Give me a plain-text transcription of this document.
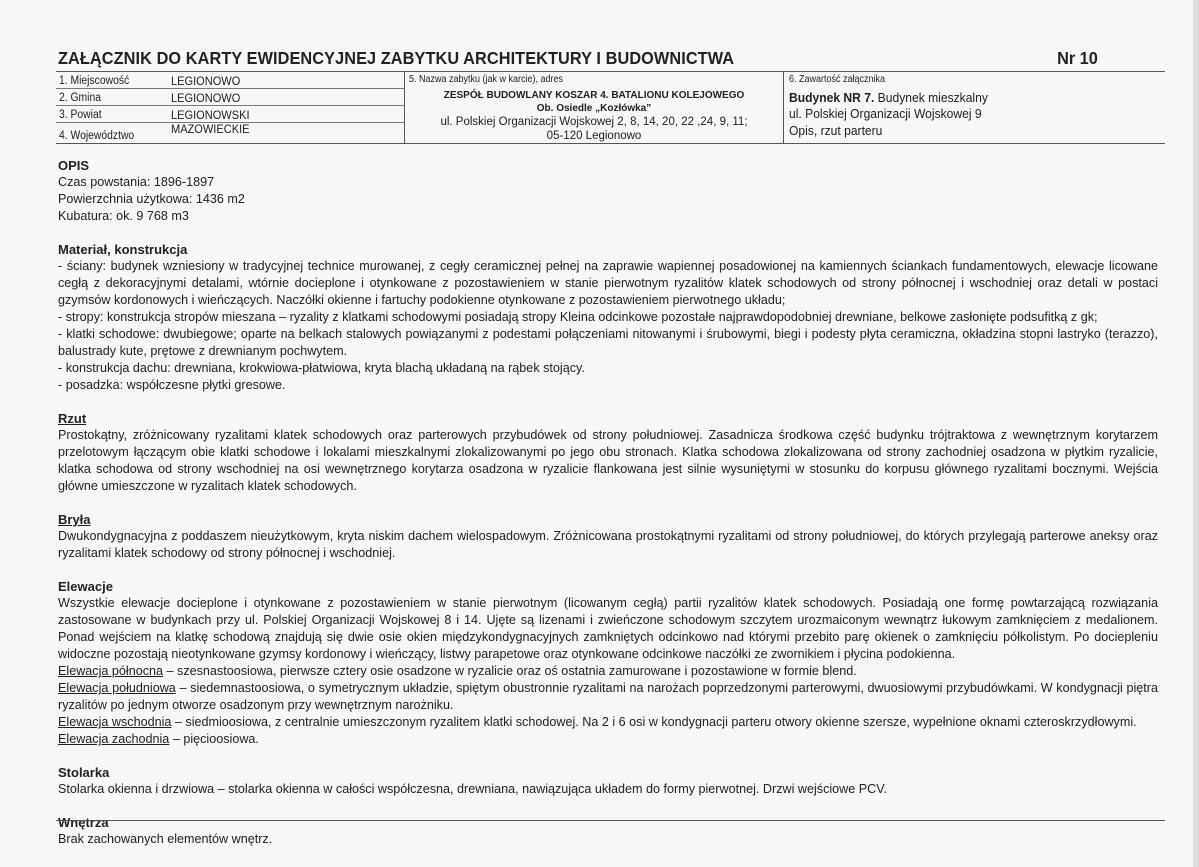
ZAŁĄCZNIK DO KARTY EWIDENCYJNEJ ZABYTKU ARCHITEKTURY I BUDOWNICTWA	Nr 10
1. Miejscowość	LEGIONOWO
2. Gmina	LEGIONOWO
3. Powiat	LEGIONOWSKI
4. Województwo	MAZOWIECKIE
5. Nazwa zabytku (jak w karcie), adres
ZESPÓŁ BUDOWLANY KOSZAR 4. BATALIONU KOLEJOWEGO
Ob. Osiedle „Kozłówka”
ul. Polskiej Organizacji Wojskowej 2, 8, 14, 20, 22 ,24, 9, 11;
05-120 Legionowo
6. Zawartość załącznika
Budynek NR 7. Budynek mieszkalny
ul. Polskiej Organizacji Wojskowej 9
Opis, rzut parteru
OPIS
Czas powstania: 1896-1897
Powierzchnia użytkowa: 1436 m2
Kubatura: ok. 9 768 m3
Materiał, konstrukcja
- ściany: budynek wzniesiony w tradycyjnej technice murowanej, z cegły ceramicznej pełnej na zaprawie wapiennej posadowionej na kamiennych ściankach fundamentowych, elewacje licowane cegłą z dekoracyjnymi detalami, wtórnie docieplone i otynkowane z pozostawieniem w stanie pierwotnym ryzalitów klatek schodowych od strony północnej i wschodniej oraz detali w postaci gzymsów kordonowych i wieńczących. Naczółki okienne i fartuchy podokienne otynkowane z pozostawieniem pierwotnego układu;
- stropy: konstrukcja stropów mieszana – ryzality z klatkami schodowymi posiadają stropy Kleina odcinkowe pozostałe najprawdopodobniej drewniane, belkowe zasłonięte podsufitką z gk;
- klatki schodowe: dwubiegowe; oparte na belkach stalowych powiązanymi z podestami połączeniami nitowanymi i śrubowymi, biegi i podesty płyta ceramiczna, okładzina stopni lastryko (terazzo), balustrady kute, prętowe z drewnianym pochwytem.
- konstrukcja dachu: drewniana, krokwiowa-płatwiowa, kryta blachą układaną na rąbek stojący.
- posadzka: współczesne płytki gresowe.
Rzut
Prostokątny, zróżnicowany ryzalitami klatek schodowych oraz parterowych przybudówek od strony południowej. Zasadnicza środkowa część budynku trójtraktowa z wewnętrznym korytarzem przelotowym łączącym obie klatki schodowe i lokalami mieszkalnymi zlokalizowanymi po jego obu stronach. Klatka schodowa zlokalizowana od strony zachodniej osadzona w płytkim ryzalicie, klatka schodowa od strony wschodniej na osi wewnętrznego korytarza osadzona w ryzalicie flankowana jest silnie wysuniętymi w stosunku do korpusu głównego ryzalitami bocznymi. Wejścia główne umieszczone w ryzalitach klatek schodowych.
Bryła
Dwukondygnacyjna z poddaszem nieużytkowym, kryta niskim dachem wielospadowym. Zróżnicowana prostokątnymi ryzalitami od strony południowej, do których przylegają parterowe aneksy oraz ryzalitami klatek schodowy od strony północnej i wschodniej.
Elewacje
Wszystkie elewacje docieplone i otynkowane z pozostawieniem w stanie pierwotnym (licowanym cegłą) partii ryzalitów klatek schodowych. Posiadają one formę powtarzającą rozwiązania zastosowane w budynkach przy ul. Polskiej Organizacji Wojskowej 8 i 14. Ujęte są lizenami i zwieńczone schodowym szczytem urozmaiconym wewnątrz łukowym zamknięciem z medalionem. Ponad wejściem na klatkę schodową znajdują się dwie osie okien międzykondygnacyjnych zamkniętych odcinkowo nad którymi przebito parę okienek o zamknięciu półkolistym. Po dociepleniu widoczne pozostają nieotynkowane gzymsy kordonowy i wieńczący, listwy parapetowe oraz otynkowane odcinkowe naczółki ze zwornikiem i płycina podokienna.
Elewacja północna – szesnastoosiowa, pierwsze cztery osie osadzone w ryzalicie oraz oś ostatnia zamurowane i pozostawione w formie blend.
Elewacja południowa – siedemnastoosiowa, o symetrycznym układzie, spiętym obustronnie ryzalitami na narożach poprzedzonymi parterowymi, dwuosiowymi przybudówkami. W kondygnacji piętra ryzalitów po jednym otworze osadzonym przy wewnętrznym narożniku.
Elewacja wschodnia – siedmioosiowa, z centralnie umieszczonym ryzalitem klatki schodowej. Na 2 i 6 osi w kondygnacji parteru otwory okienne szersze, wypełnione oknami czteroskrzydłowymi.
Elewacja zachodnia – pięcioosiowa.
Stolarka
Stolarka okienna i drzwiowa – stolarka okienna w całości współczesna, drewniana, nawiązująca układem do formy pierwotnej. Drzwi wejściowe PCV.
Wnętrza
Brak zachowanych elementów wnętrz.
